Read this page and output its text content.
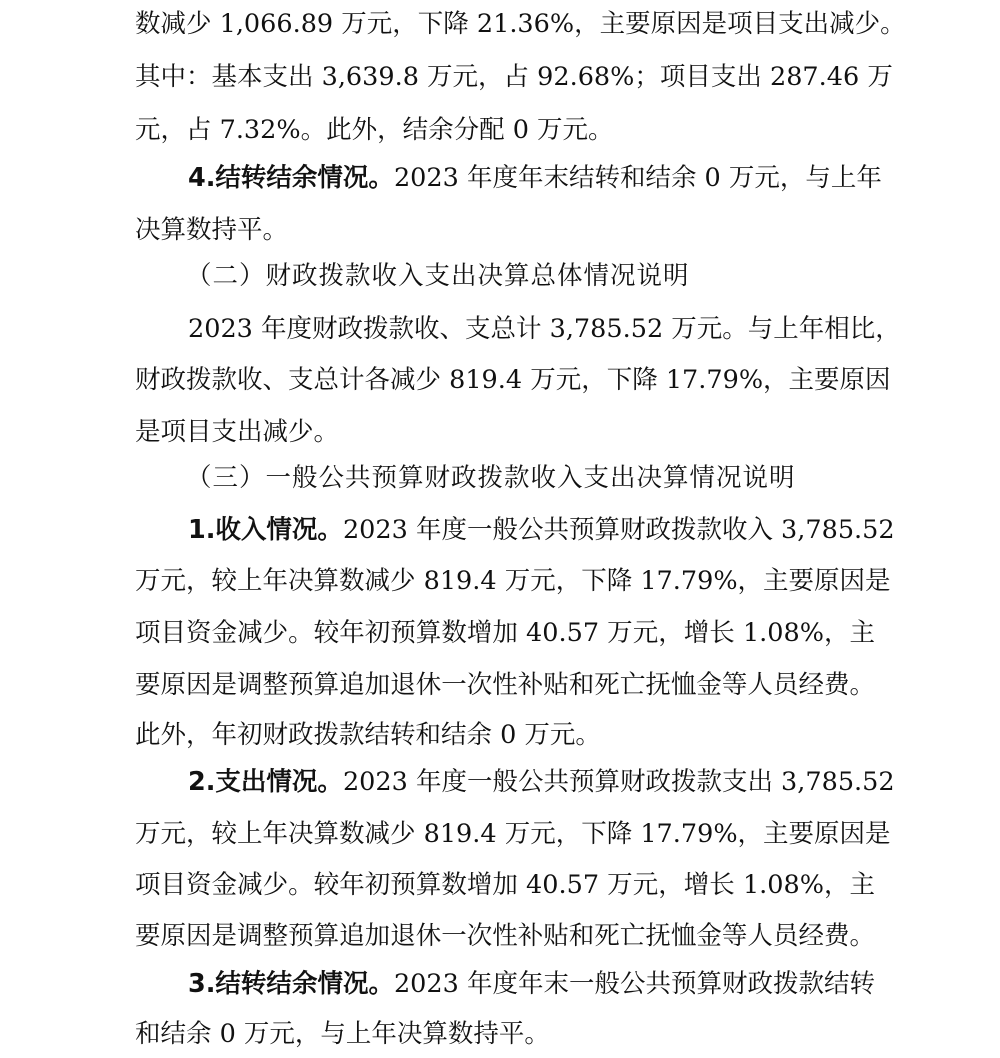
数减少 1,066.89 万元，下降 21.36%，主要原因是项目支出减少。

其中：基本支出 3,639.8 万元，占 92.68%；项目支出 287.46 万

元，占 7.32%。此外，结余分配 0 万元。

4.结转结余情况。2023 年度年末结转和结余 0 万元，与上年

决算数持平。

（二）财政拨款收入支出决算总体情况说明

2023 年度财政拨款收、支总计 3,785.52 万元。与上年相比，

财政拨款收、支总计各减少 819.4 万元，下降 17.79%，主要原因

是项目支出减少。

（三）一般公共预算财政拨款收入支出决算情况说明

1.收入情况。2023 年度一般公共预算财政拨款收入 3,785.52

万元，较上年决算数减少 819.4 万元，下降 17.79%，主要原因是

项目资金减少。较年初预算数增加 40.57 万元，增长 1.08%，主

要原因是调整预算追加退休一次性补贴和死亡抚恤金等人员经费。

此外，年初财政拨款结转和结余 0 万元。

2.支出情况。2023 年度一般公共预算财政拨款支出 3,785.52

万元，较上年决算数减少 819.4 万元，下降 17.79%，主要原因是

项目资金减少。较年初预算数增加 40.57 万元，增长 1.08%，主

要原因是调整预算追加退休一次性补贴和死亡抚恤金等人员经费。

3.结转结余情况。2023 年度年末一般公共预算财政拨款结转

和结余 0 万元，与上年决算数持平。
